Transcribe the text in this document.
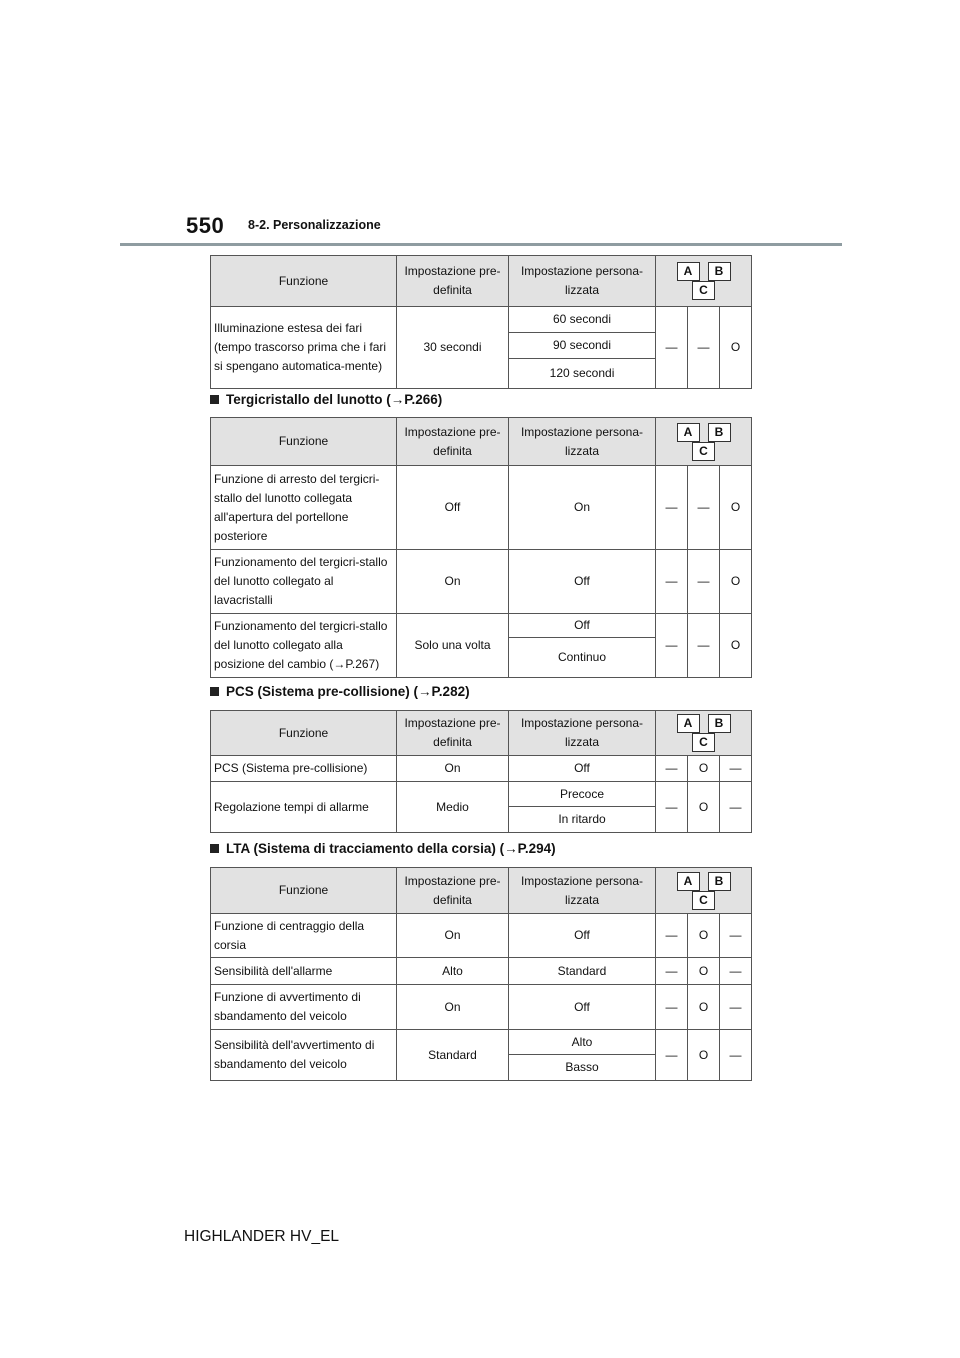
550 8-2. Personalizzazione
Funzione	Impostazione pre-definita	Impostazione persona-lizzata	A BC		
Illuminazione estesa dei fari (tempo trascorso prima che i fari si spengano automatica-mente)	30 secondi	60 secondi	—	—	O
		90 secondi			
		120 secondi			
Tergicristallo del lunotto (→P.266)
Funzione	Impostazione pre-definita	Impostazione persona-lizzata	A BC		
Funzione di arresto del tergicri-stallo del lunotto collegata all'apertura del portellone posteriore	Off	On	—	—	O
Funzionamento del tergicri-stallo del lunotto collegato al lavacristalli	On	Off	—	—	O
Funzionamento del tergicri-stallo del lunotto collegato alla posizione del cambio (→P.267)	Solo una volta	Off	—	—	O
		Continuo			
PCS (Sistema pre-collisione) (→P.282)
Funzione	Impostazione pre-definita	Impostazione persona-lizzata	A BC		
PCS (Sistema pre-collisione)	On	Off	—	O	—
Regolazione tempi di allarme	Medio	Precoce	—	O	—
		In ritardo			
LTA (Sistema di tracciamento della corsia) (→P.294)
Funzione	Impostazione pre-definita	Impostazione persona-lizzata	A BC		
Funzione di centraggio della corsia	On	Off	—	O	—
Sensibilità dell'allarme	Alto	Standard	—	O	—
Funzione di avvertimento di sbandamento del veicolo	On	Off	—	O	—
Sensibilità dell'avvertimento di sbandamento del veicolo	Standard	Alto	—	O	—
		Basso			
HIGHLANDER HV_EL
